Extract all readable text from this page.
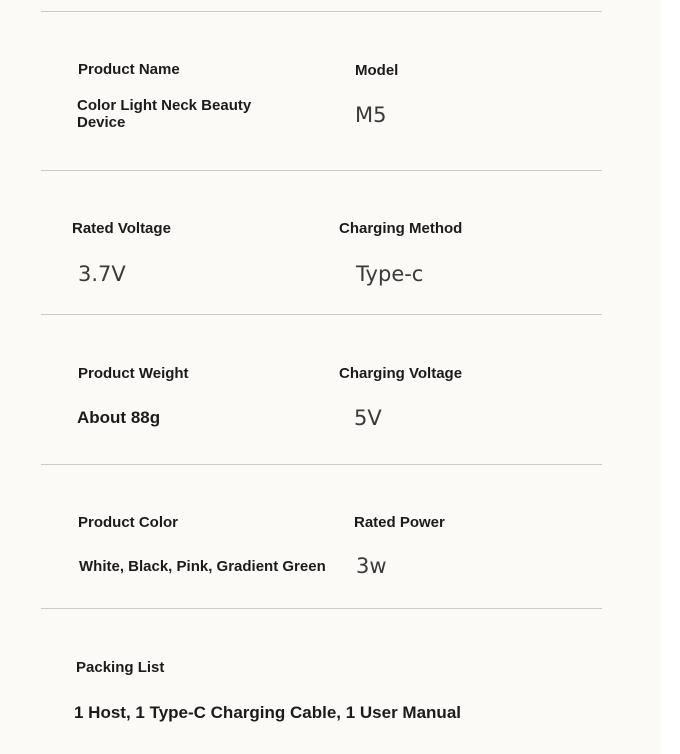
Product Name
Color Light Neck Beauty Device
Model
M5
Rated Voltage
3.7V
Charging Method
Type-c
Product Weight
About 88g
Charging Voltage
5V
Product Color
White, Black, Pink, Gradient Green
Rated Power
3w
Packing List
1 Host, 1 Type-C Charging Cable, 1 User Manual
